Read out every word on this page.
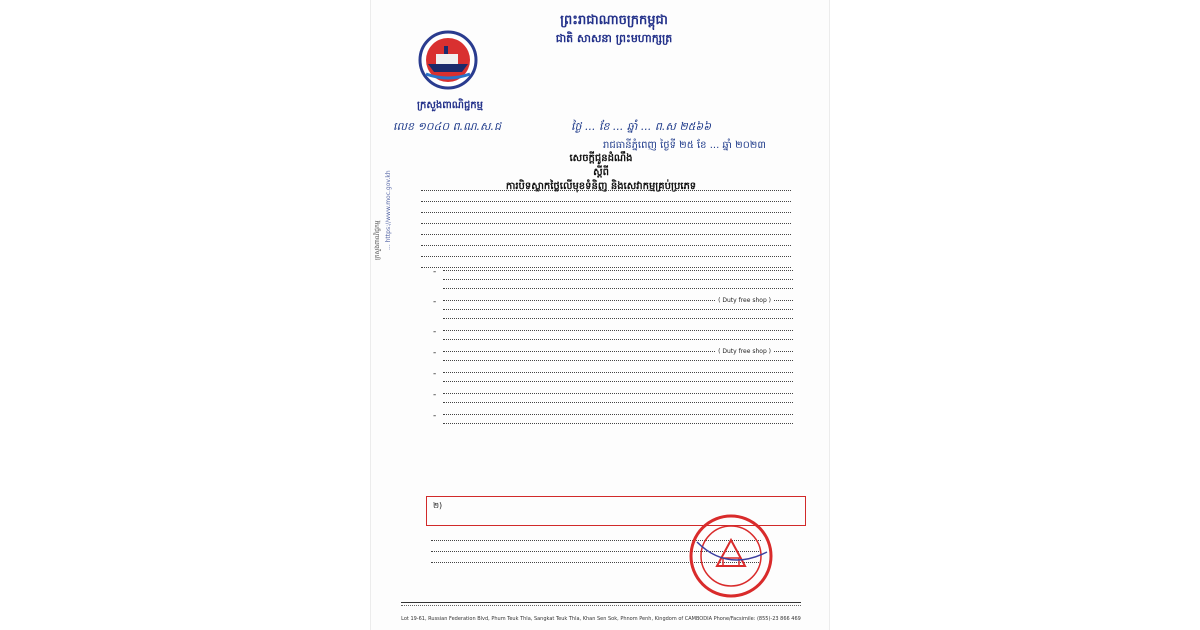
ក្រសួងពាណិជ្ជកម្ម
ព្រះរាជាណាចក្រកម្ពុជា
ជាតិ សាសនា ព្រះមហាក្សត្រ
លេខ ១០៤០ ព.ណ.ស.ជ	ថ្ងៃ ... ខែ ... ឆ្នាំ ... ព.ស ២៥៦៦
រាជធានីភ្នំពេញ ថ្ងៃទី ២៥ ខែ ... ឆ្នាំ ២០២៣
សេចក្តីជូនដំណឹង
ស្តីពី
ការបិទស្លាកថ្លៃលើមុខទំនិញ និងសេវាកម្មគ្រប់ប្រភេទ
-
-	( Duty free shop )
-
-	( Duty free shop )
-
-
-
២)
Lot 19-61, Russian Federation Blvd, Phum Teuk Thla, Sangkat Teuk Thla, Khan Sen Sok, Phnom Penh, Kingdom of CAMBODIA Phone/Facsimile: (855)-23 866 469
ក្រសួងពាណិជ្ជកម្ម ... https://www.moc.gov.kh
